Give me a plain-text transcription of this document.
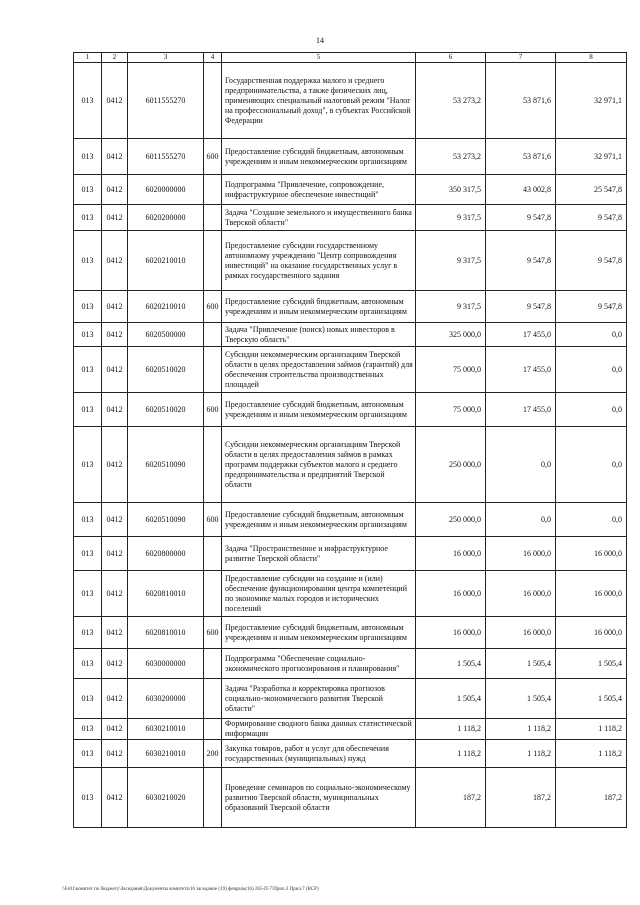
14
1	2	3	4	5	6	7	8
013	0412	6011555270		Государственная поддержка малого и среднего предпринимательства, а также физических лиц, применяющих специальный налоговый режим "Налог на профессиональный доход", в субъектах Российской Федерации	53 273,2	53 871,6	32 971,1
013	0412	6011555270	600	Предоставление субсидий бюджетным, автономным учреждениям и иным некоммерческим организациям	53 273,2	53 871,6	32 971,1
013	0412	6020000000		Подпрограмма "Привлечение, сопровождение, инфраструктурное обеспечение инвестиций"	350 317,5	43 002,8	25 547,8
013	0412	6020200000		Задача "Создание земельного и имущественного банка Тверской области"	9 317,5	9 547,8	9 547,8
013	0412	6020210010		Предоставление субсидии государственному автономному учреждению "Центр сопровождения инвестиций" на оказание государственных услуг в рамках государственного задания	9 317,5	9 547,8	9 547,8
013	0412	6020210010	600	Предоставление субсидий бюджетным, автономным учреждениям и иным некоммерческим организациям	9 317,5	9 547,8	9 547,8
013	0412	6020500000		Задача "Привлечение (поиск) новых инвесторов в Тверскую область"	325 000,0	17 455,0	0,0
013	0412	6020510020		Субсидии некоммерческим организациям Тверской области в целях предоставления займов (гарантий) для обеспечения строительства производственных площадей	75 000,0	17 455,0	0,0
013	0412	6020510020	600	Предоставление субсидий бюджетным, автономным учреждениям и иным некоммерческим организациям	75 000,0	17 455,0	0,0
013	0412	6020510090		Субсидии некоммерческим организациям Тверской области в целях предоставления займов в рамках программ поддержки субъектов малого и среднего предпринимательства и предприятий Тверской области	250 000,0	0,0	0,0
013	0412	6020510090	600	Предоставление субсидий бюджетным, автономным учреждениям и иным некоммерческим организациям	250 000,0	0,0	0,0
013	0412	6020800000		Задача "Пространственное и инфраструктурное развитие Тверской области"	16 000,0	16 000,0	16 000,0
013	0412	6020810010		Предоставление субсидии на создание и (или) обеспечение функционирования центра компетенций по экономике малых городов и исторических поселений	16 000,0	16 000,0	16 000,0
013	0412	6020810010	600	Предоставление субсидий бюджетным, автономным учреждениям и иным некоммерческим организациям	16 000,0	16 000,0	16 000,0
013	0412	6030000000		Подпрограмма "Обеспечение социально-экономического прогнозирования и планирования"	1 505,4	1 505,4	1 505,4
013	0412	6030200000		Задача "Разработка и корректировка прогнозов социально-экономического развития Тверской области"	1 505,4	1 505,4	1 505,4
013	0412	6030210010		Формирование сводного банка данных статистической информации	1 118,2	1 118,2	1 118,2
013	0412	6030210010	200	Закупка товаров, работ и услуг для обеспечения государственных (муниципальных) нужд	1 118,2	1 118,2	1 118,2
013	0412	6030210020		Проведение семинаров по социально-экономическому развитию Тверской области, муниципальных образований Тверской области	187,2	187,2	187,2
\\Fs01\комитет по бюджету\Заседания\Документы комитета\16 заседание (19) февраль(16) 265-П-7\Прил.3 Прил.7 (ВСР)
